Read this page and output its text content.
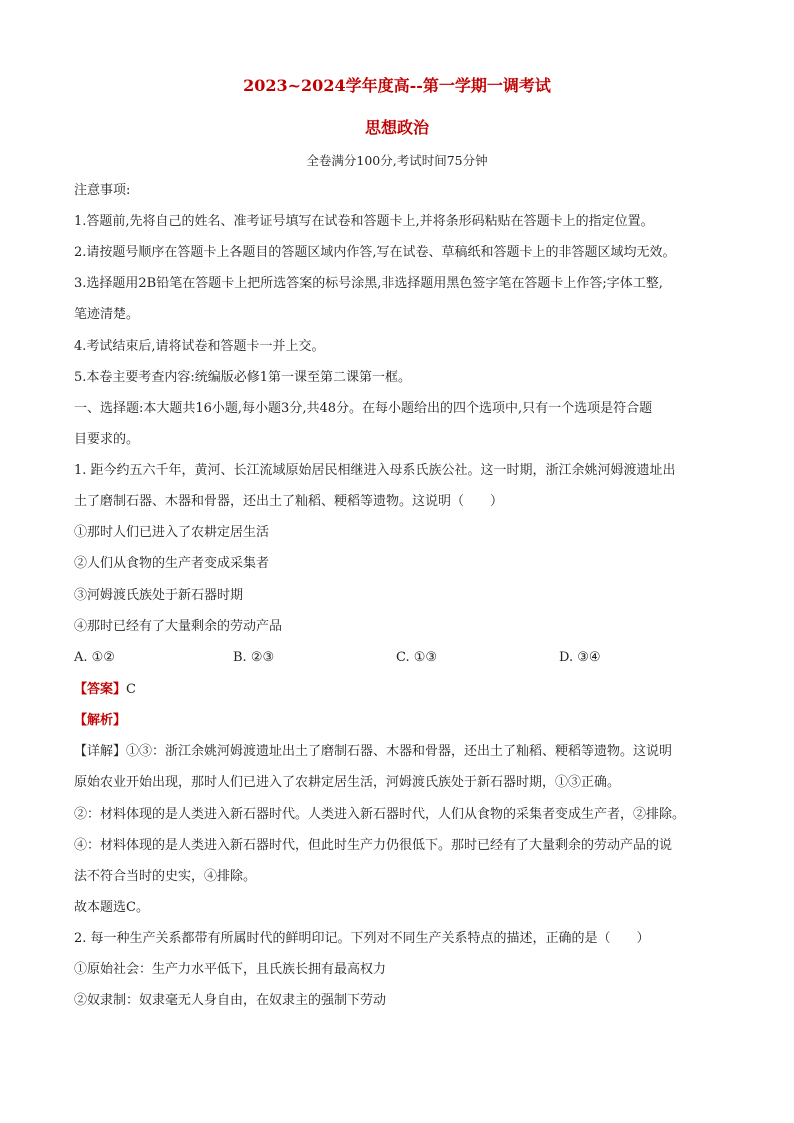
2023~2024学年度高--第一学期一调考试
思想政治
全卷满分100分,考试时间75分钟
注意事项:
1.答题前,先将自己的姓名、准考证号填写在试卷和答题卡上,并将条形码粘贴在答题卡上的指定位置。
2.请按题号顺序在答题卡上各题目的答题区域内作答,写在试卷、草稿纸和答题卡上的非答题区域均无效。
3.选择题用2B铅笔在答题卡上把所选答案的标号涂黑,非选择题用黑色签字笔在答题卡上作答;字体工整,
笔迹清楚。
4.考试结束后,请将试卷和答题卡一并上交。
5.本卷主要考查内容:统编版必修1第一课至第二课第一框。
一、选择题:本大题共16小题,每小题3分,共48分。在每小题给出的四个选项中,只有一个选项是符合题
目要求的。
1. 距今约五六千年，黄河、长江流域原始居民相继进入母系氏族公社。这一时期，浙江余姚河姆渡遗址出
土了磨制石器、木器和骨器，还出土了籼稻、粳稻等遗物。这说明（　　）
①那时人们已进入了农耕定居生活
②人们从食物的生产者变成采集者
③河姆渡氏族处于新石器时期
④那时已经有了大量剩余的劳动产品
A. ①②	B. ②③	C. ①③	D. ③④
【答案】C
【解析】
【详解】①③：浙江余姚河姆渡遗址出土了磨制石器、木器和骨器，还出土了籼稻、粳稻等遗物。这说明
原始农业开始出现，那时人们已进入了农耕定居生活，河姆渡氏族处于新石器时期，①③正确。
②：材料体现的是人类进入新石器时代。人类进入新石器时代，人们从食物的采集者变成生产者，②排除。
④：材料体现的是人类进入新石器时代，但此时生产力仍很低下。那时已经有了大量剩余的劳动产品的说
法不符合当时的史实，④排除。
故本题选C。
2. 每一种生产关系都带有所属时代的鲜明印记。下列对不同生产关系特点的描述，正确的是（　　）
①原始社会：生产力水平低下，且氏族长拥有最高权力
②奴隶制：奴隶毫无人身自由，在奴隶主的强制下劳动
